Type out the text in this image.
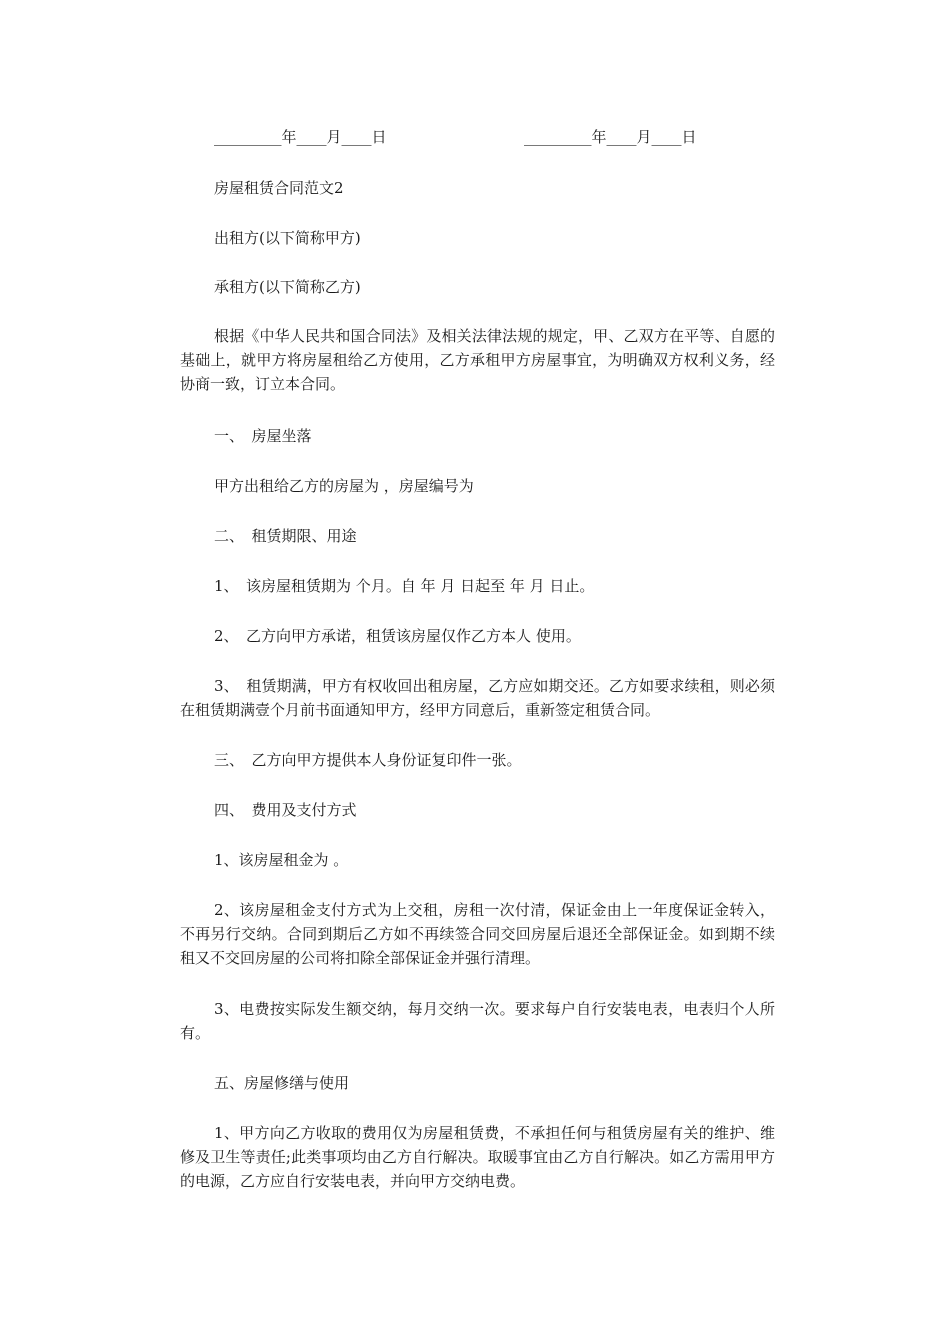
_________年____月____日	_________年____月____日
房屋租赁合同范文2
出租方(以下简称甲方)
承租方(以下简称乙方)
根据《中华人民共和国合同法》及相关法律法规的规定，甲、乙双方在平等、自愿的基础上，就甲方将房屋租给乙方使用，乙方承租甲方房屋事宜，为明确双方权利义务，经协商一致，订立本合同。
一、　房屋坐落
甲方出租给乙方的房屋为 ，房屋编号为
二、　租赁期限、用途
1、　该房屋租赁期为 个月。自 年 月 日起至 年 月 日止。
2、　乙方向甲方承诺，租赁该房屋仅作乙方本人 使用。
3、　租赁期满，甲方有权收回出租房屋，乙方应如期交还。乙方如要求续租，则必须在租赁期满壹个月前书面通知甲方，经甲方同意后，重新签定租赁合同。
三、　乙方向甲方提供本人身份证复印件一张。
四、　费用及支付方式
1、该房屋租金为 。
2、该房屋租金支付方式为上交租，房租一次付清，保证金由上一年度保证金转入，不再另行交纳。合同到期后乙方如不再续签合同交回房屋后退还全部保证金。如到期不续租又不交回房屋的公司将扣除全部保证金并强行清理。
3、电费按实际发生额交纳，每月交纳一次。要求每户自行安装电表，电表归个人所有。
五、房屋修缮与使用
1、甲方向乙方收取的费用仅为房屋租赁费，不承担任何与租赁房屋有关的维护、维修及卫生等责任;此类事项均由乙方自行解决。取暖事宜由乙方自行解决。如乙方需用甲方的电源，乙方应自行安装电表，并向甲方交纳电费。
